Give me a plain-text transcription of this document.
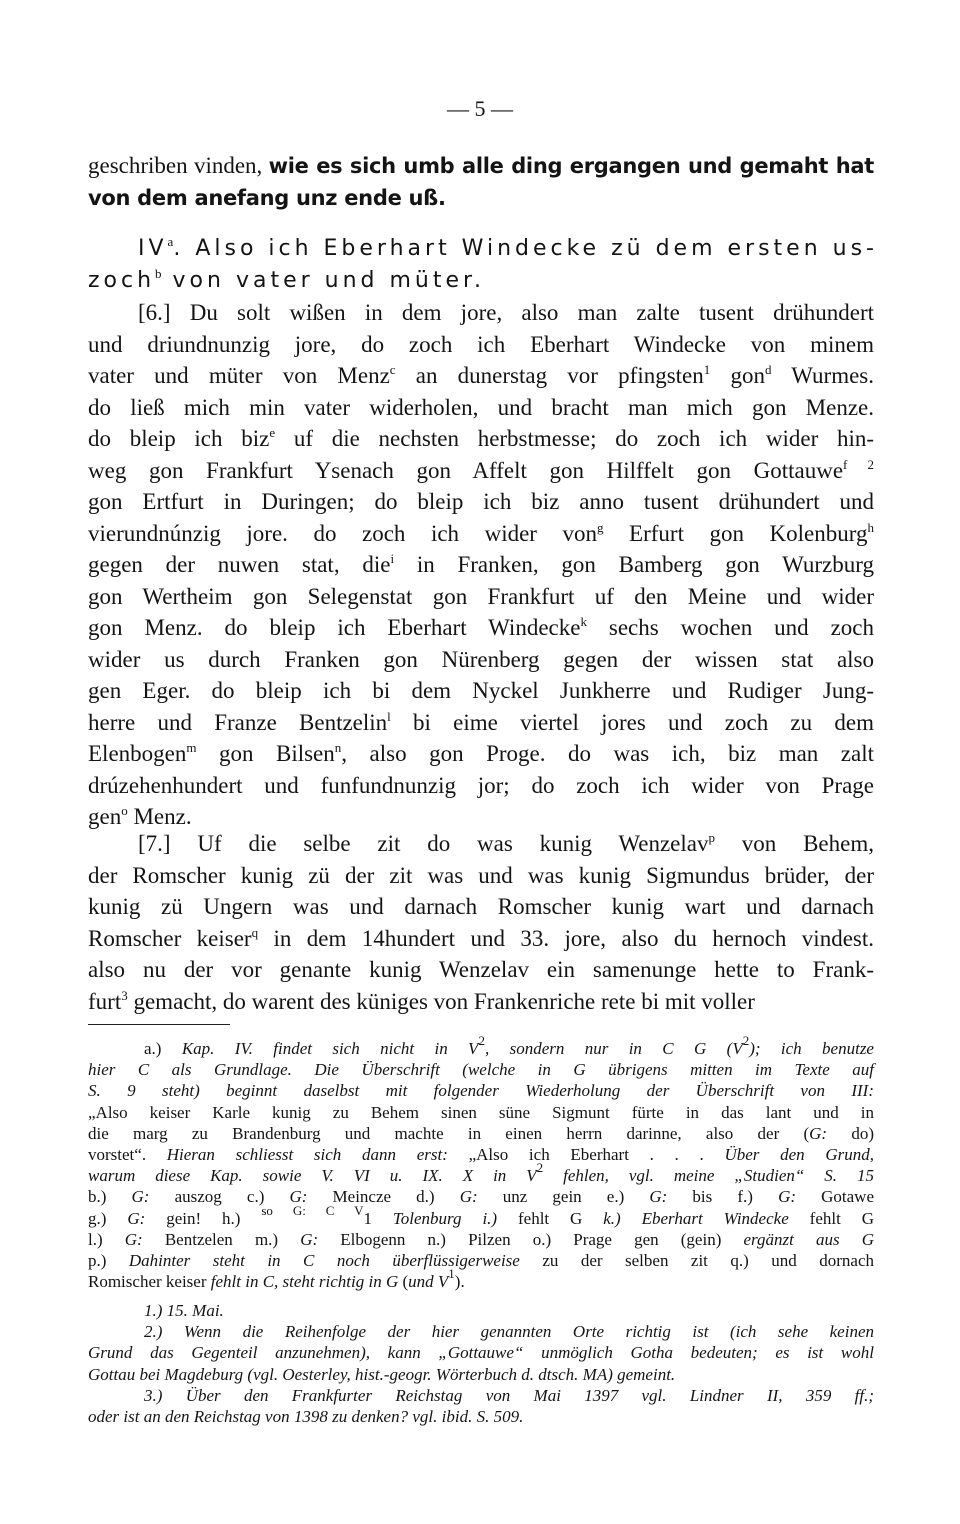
— 5 —
geschriben vinden, wie es sich umb alle ding ergangen und gemaht hat
von dem anefang unz ende uß.
$IV^a$. Also ich Eberhart Windecke zü dem ersten us-
zoch$^b$ von vater und müter.
[6.] Du solt wißen in dem jore, also man zalte tusent drühundert
und driundnunzig jore, do zoch ich Eberhart Windecke von minem
vater und müter von Menz$^c$ an dunerstag vor pfingsten$^1$ gon$^d$ Wurmes.
do ließ mich min vater widerholen, und bracht man mich gon Menze.
do bleip ich biz$^e$ uf die nechsten herbstmesse; do zoch ich wider hin-
weg gon Frankfurt Ysenach gon Affelt gon Hilffelt gon Gottauwe$^{f 2}$
gon Ertfurt in Duringen; do bleip ich biz anno tusent drühundert und
vierundnúnzig jore. do zoch ich wider von$^g$ Erfurt gon Kolenburg$^h$
gegen der nuwen stat, die$^i$ in Franken, gon Bamberg gon Wurzburg
gon Wertheim gon Selegenstat gon Frankfurt uf den Meine und wider
gon Menz. do bleip ich Eberhart Windecke$^k$ sechs wochen und zoch
wider us durch Franken gon Nürenberg gegen der wissen stat also
gen Eger. do bleip ich bi dem Nyckel Junkherre und Rudiger Jung-
herre und Franze Bentzelin$^l$ bi eime viertel jores und zoch zu dem
Elenbogen$^m$ gon Bilsen$^n$, also gon Proge. do was ich, biz man zalt
drúzehenhundert und funfundnunzig jor; do zoch ich wider von Prage
gen$^o$ Menz.
[7.] Uf die selbe zit do was kunig Wenzelav$^p$ von Behem,
der Romscher kunig zü der zit was und was kunig Sigmundus brüder, der
kunig zü Ungern was und darnach Romscher kunig wart und darnach
Romscher keiser$^q$ in dem 14hundert und 33. jore, also du hernoch vindest.
also nu der vor genante kunig Wenzelav ein samenunge hette to Frank-
furt$^3$ gemacht, do warent des küniges von Frankenriche rete bi mit voller
a.) Kap. IV. findet sich nicht in $V^2$, sondern nur in C G $(V^2)$; ich benutze
hier C als Grundlage. Die Überschrift (welche in G übrigens mitten im Texte auf
S. 9 steht) beginnt daselbst mit folgender Wiederholung der Überschrift von III:
„Also keiser Karle kunig zu Behem sinen süne Sigmunt fürte in das lant und in
die marg zu Brandenburg und machte in einen herrn darinne, also der (G: do)
vorstet“. Hieran schliesst sich dann erst: „Also ich Eberhart . . . Über den Grund,
warum diese Kap. sowie V. VI u. IX. X in $V^2$ fehlen, vgl. meine „Studien“ S. 15
b.) G: auszog c.) G: Meincze d.) G: unz gein e.) G: bis f.) G: Gotawe
g.) G: gein! h.) $^{so G: C V}$1 Tolenburg i.) fehlt G k.) Eberhart Windecke fehlt G
l.) G: Bentzelen m.) G: Elbogenn n.) Pilzen o.) Prage gen (gein) ergänzt aus G
p.) Dahinter steht in C noch überflüssigerweise zu der selben zit q.) und dornach
Romischer keiser fehlt in C, steht richtig in G (und $V^1$).
1.) 15. Mai.
2.) Wenn die Reihenfolge der hier genannten Orte richtig ist (ich sehe keinen
Grund das Gegenteil anzunehmen), kann „Gottauwe“ unmöglich Gotha bedeuten; es ist wohl
Gottau bei Magdeburg (vgl. Oesterley, hist.-geogr. Wörterbuch d. dtsch. MA) gemeint.
3.) Über den Frankfurter Reichstag von Mai 1397 vgl. Lindner II, 359 ff.;
oder ist an den Reichstag von 1398 zu denken? vgl. ibid. S. 509.
